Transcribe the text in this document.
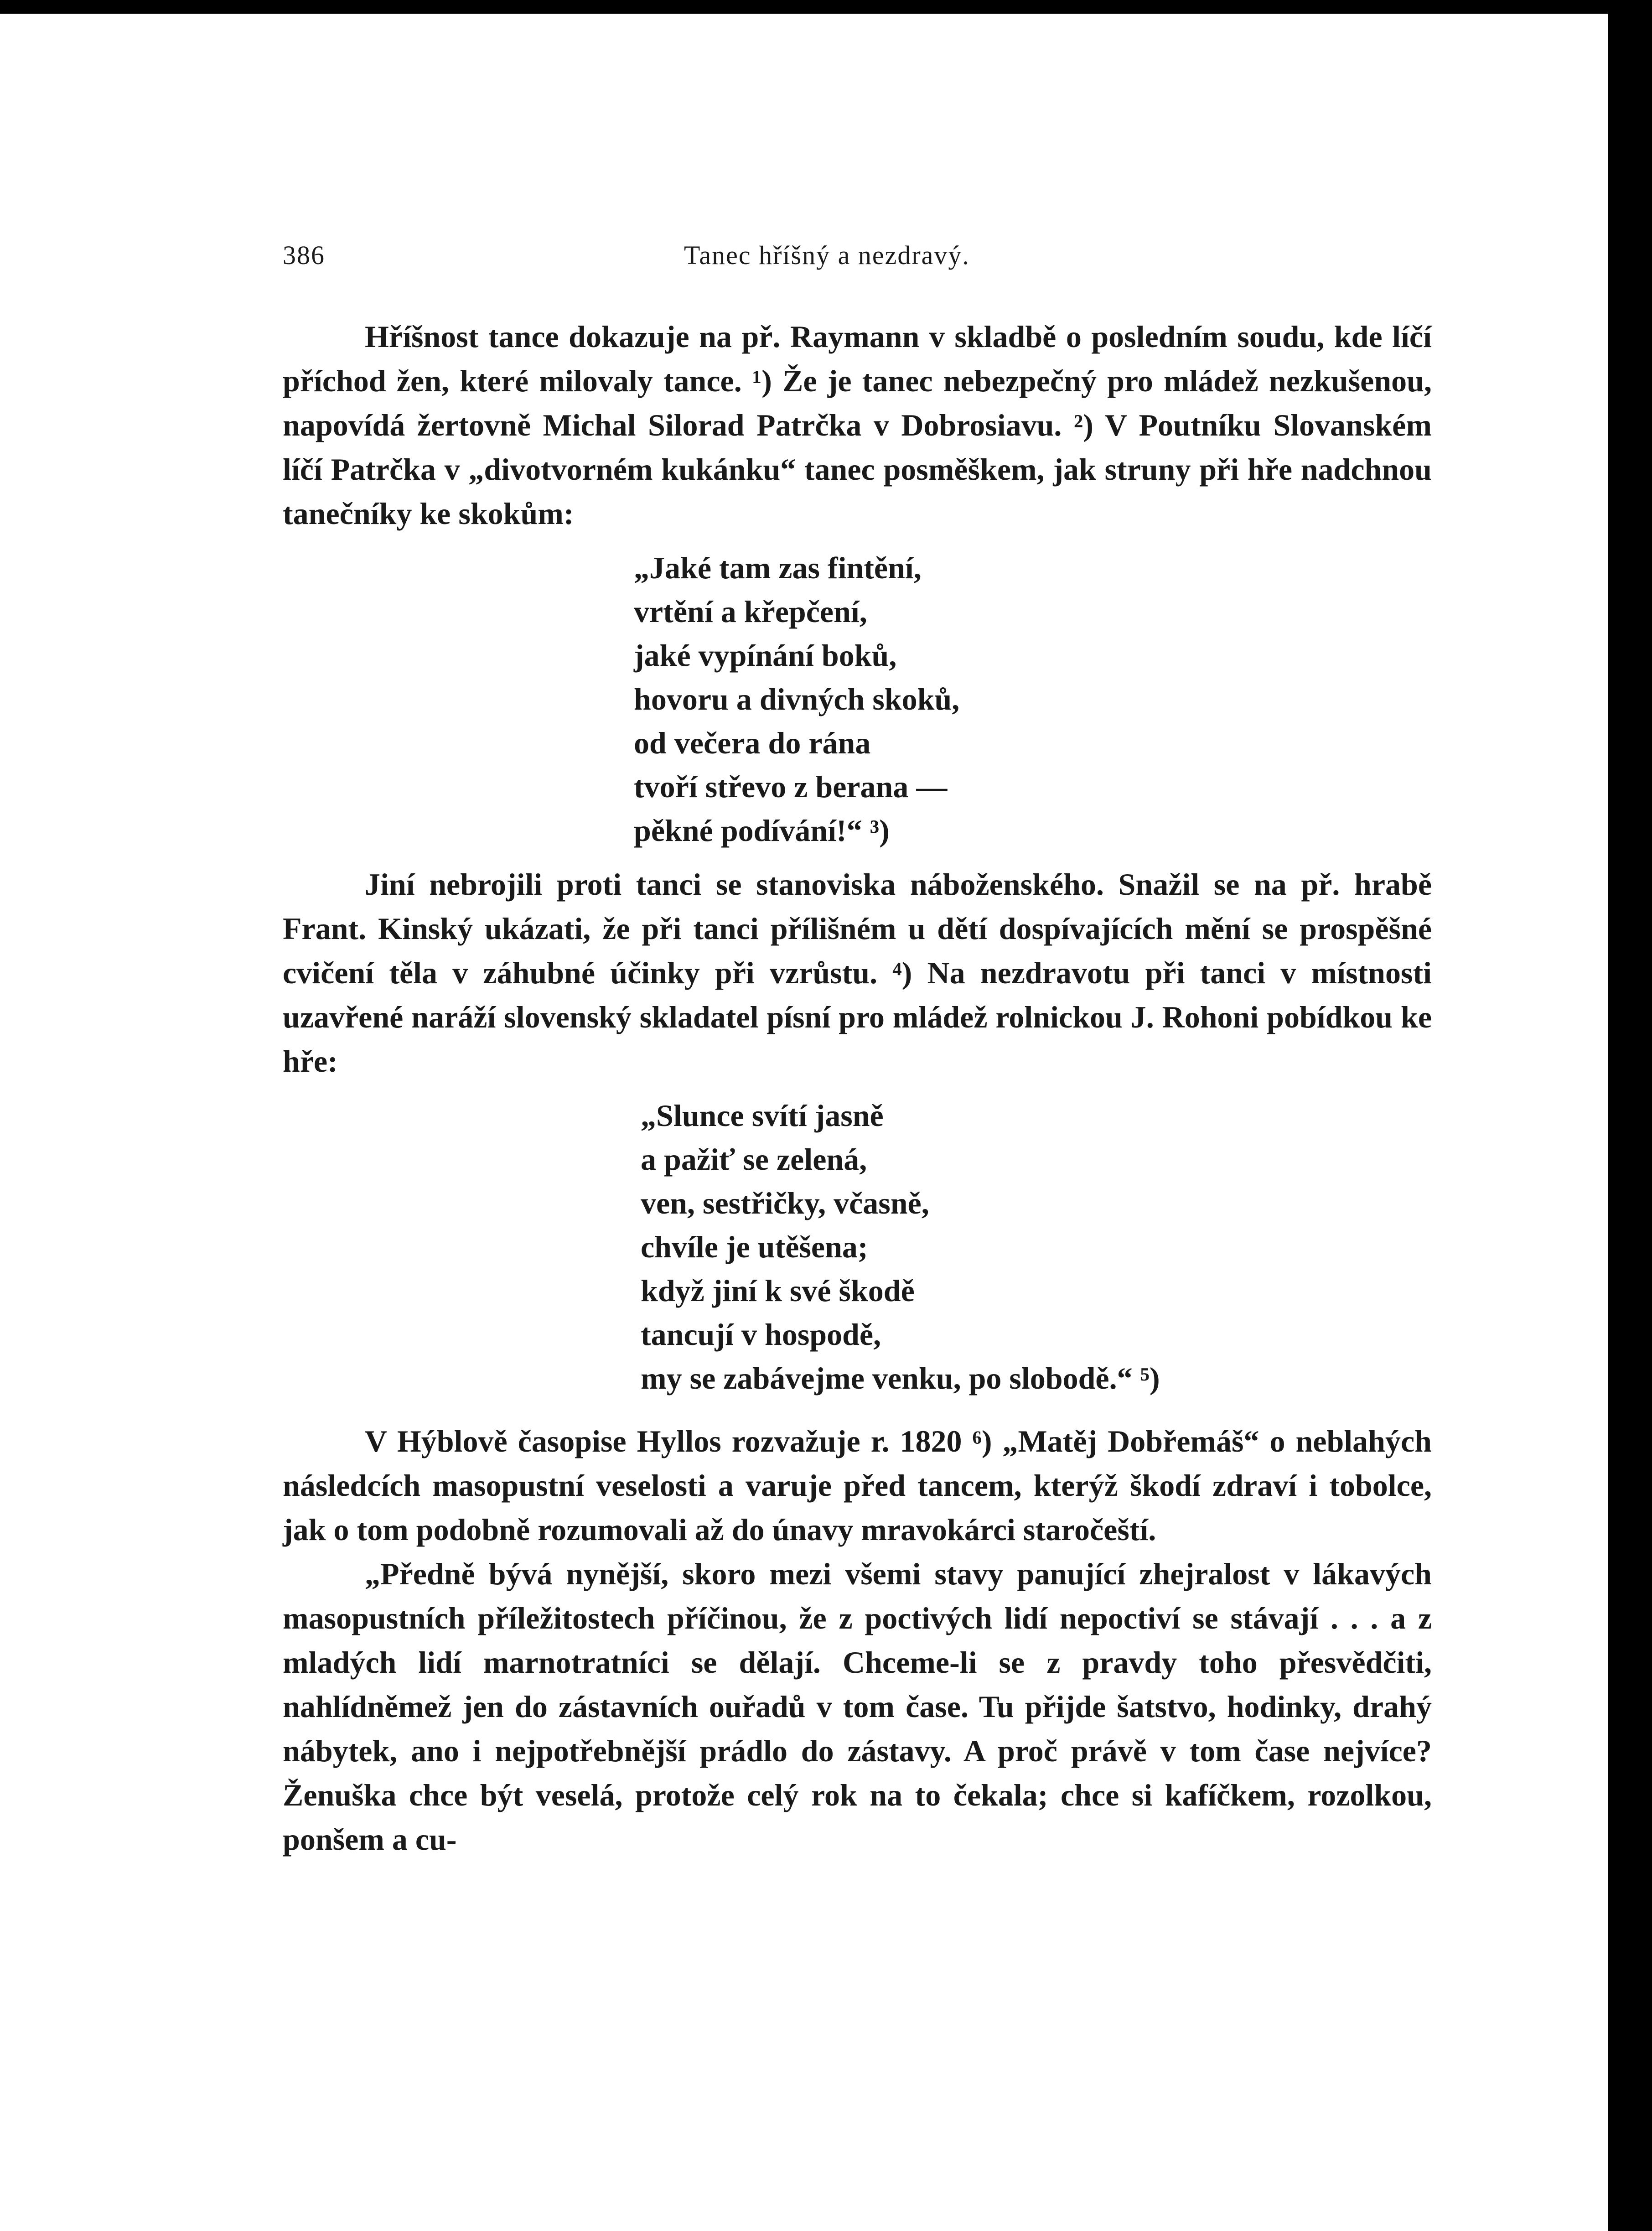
386	Tanec hříšný a nezdravý.

Hříšnost tance dokazuje na př. Raymann v skladbě o posledním soudu, kde líčí příchod žen, které milovaly tance. ¹) Že je tanec nebezpečný pro mládež nezkušenou, napovídá žertovně Michal Silorad Patrčka v Dobrosiavu. ²) V Poutníku Slovanském líčí Patrčka v „divotvorném kukánku“ tanec posměškem, jak struny při hře nadchnou tanečníky ke skokům:

„Jaké tam zas fintění,
vrtění a křepčení,
jaké vypínání boků,
hovoru a divných skoků,
od večera do rána
tvoří střevo z berana —
pěkné podívání!“ ³)

Jiní nebrojili proti tanci se stanoviska náboženského. Snažil se na př. hrabě Frant. Kinský ukázati, že při tanci přílišném u dětí dospívajících mění se prospěšné cvičení těla v záhubné účinky při vzrůstu. ⁴) Na nezdravotu při tanci v místnosti uzavřené naráží slovenský skladatel písní pro mládež rolnickou J. Rohoni pobídkou ke hře:

„Slunce svítí jasně
a pažiť se zelená,
ven, sestřičky, včasně,
chvíle je utěšena;
když jiní k své škodě
tancují v hospodě,
my se zabávejme venku, po slobodě.“ ⁵)

V Hýblově časopise Hyllos rozvažuje r. 1820 ⁶) „Matěj Dobřemáš“ o neblahých následcích masopustní veselosti a varuje před tancem, kterýž škodí zdraví i tobolce, jak o tom podobně rozumovali až do únavy mravokárci staročeští.

„Předně bývá nynější, skoro mezi všemi stavy panující zhejralost v lákavých masopustních příležitostech příčinou, že z poctivých lidí nepoctiví se stávají . . . a z mladých lidí marnotratníci se dělají. Chceme-li se z pravdy toho přesvědčiti, nahlídněmež jen do zástavních ouřadů v tom čase. Tu přijde šatstvo, hodinky, drahý nábytek, ano i nejpotřebnější prádlo do zástavy. A proč právě v tom čase nejvíce? Ženuška chce být veselá, protože celý rok na to čekala; chce si kafíčkem, rozolkou, ponšem a cu-
